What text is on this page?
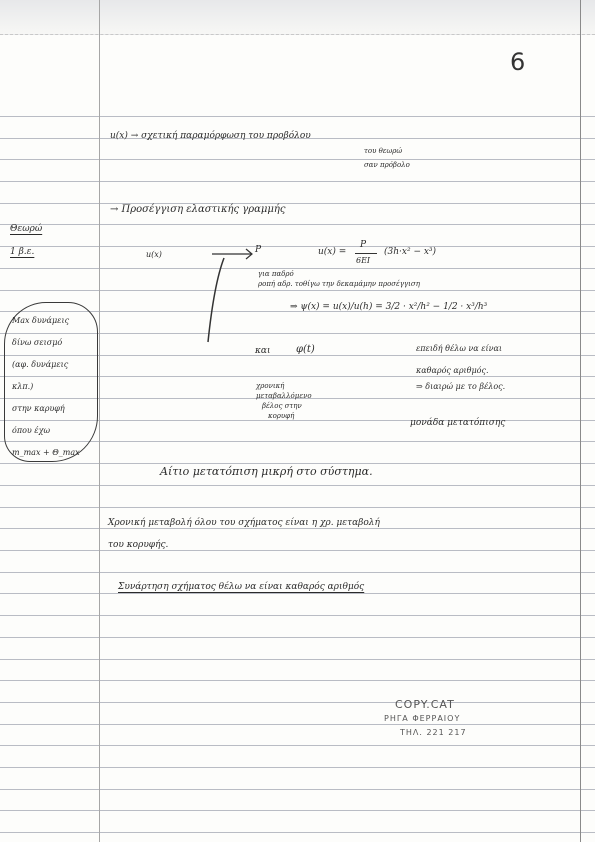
6
u(x) → σχετική παραμόρφωση του προβόλου
του θεωρώ
σαν πρόβολο
→ Προσέγγιση ελαστικής γραμμής
Θεωρώ
1 β.ε.	u(x)	P	u(x) =
P
6EI
(3h·x² − x³)
για παδρό
ροπή αδρ. τοθίγω την δεκαμάμην προσέγγιση
⇒ ψ(x) = u(x)/u(h) = 3/2 · x²/h² − 1/2 · x³/h³
και	φ(t)
χρονική
μεταβαλλόμενο
βέλος στην
κορυφή
επειδή θέλω να είναι
καθαρός αριθμός.
⇒ διαιρώ με το βέλος.
μονάδα μετατόπισης
Max δυνάμεις
δίνω σεισμό
(αφ. δυνάμεις
κλπ.)
στην καρυφή
όπου έχω
m_max + Θ_max
Αίτιο μετατόπιση μικρή στο σύστημα.
Χρονική μεταβολή όλου του σχήματος είναι η χρ. μεταβολή
του κορυφής.
Συνάρτηση σχήματος θέλω να είναι καθαρός αριθμός
COPY.CAT
ΡΗΓΑ ΦΕΡΡΑΙΟΥ
ΤΗΛ. 221 217
